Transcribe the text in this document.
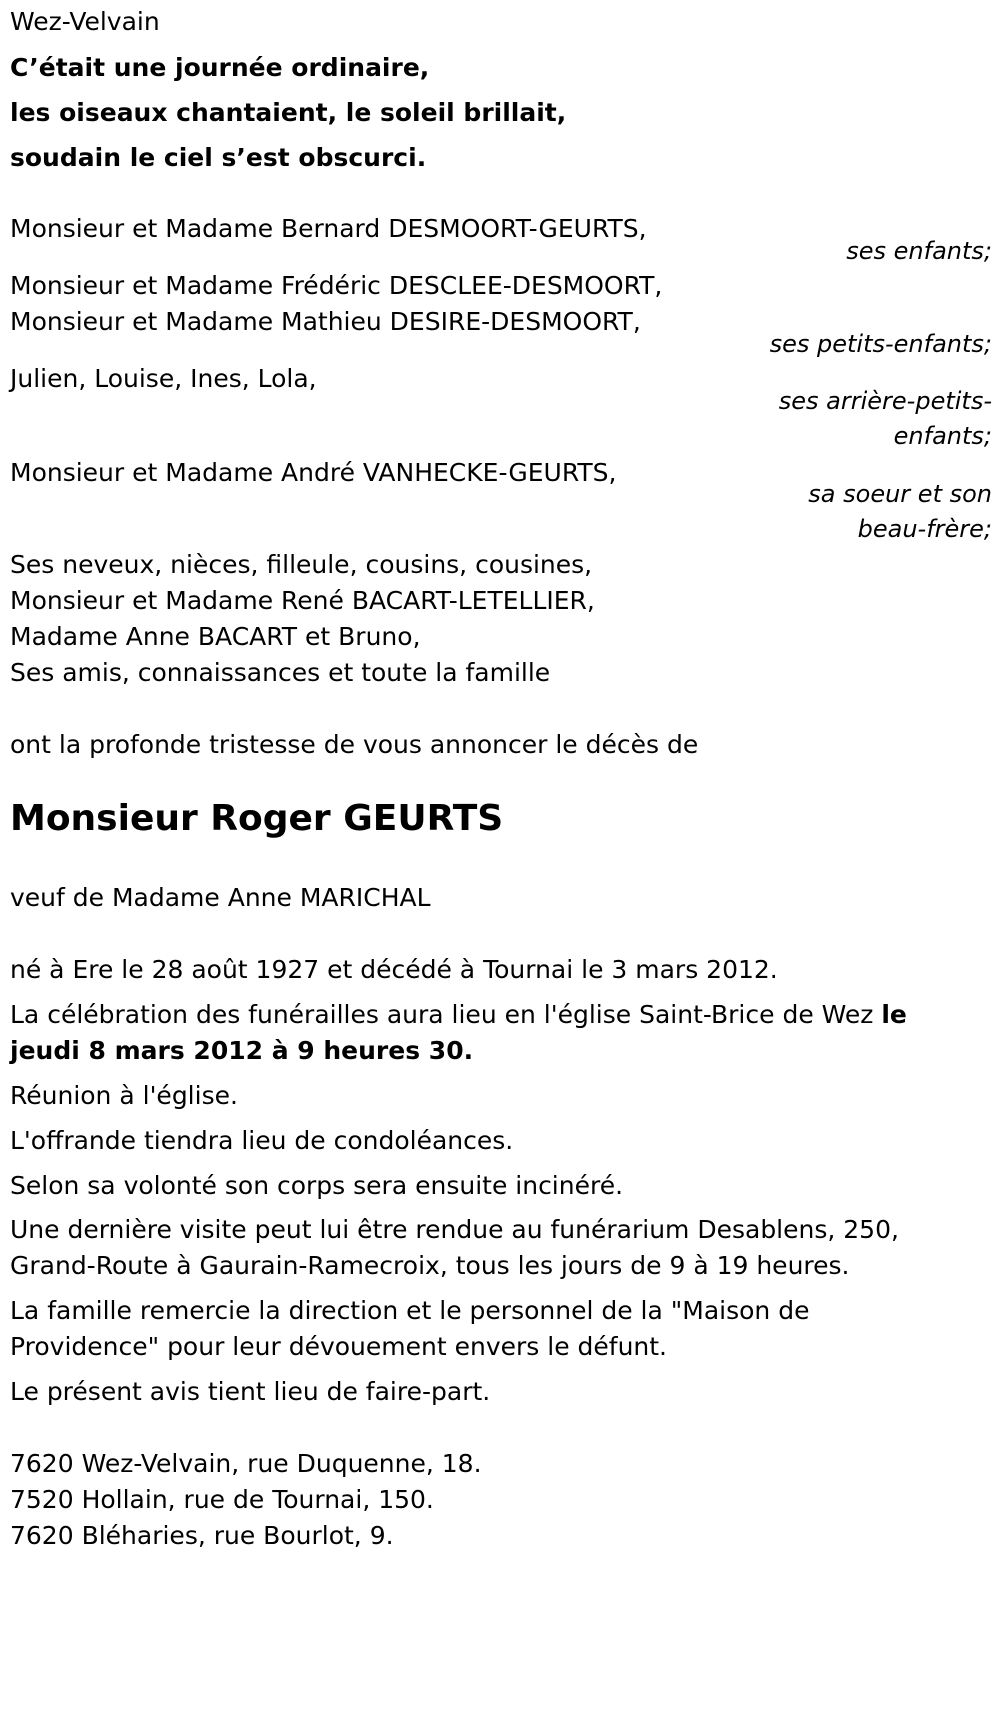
Wez-Velvain
C’était une journée ordinaire,
les oiseaux chantaient, le soleil brillait,
soudain le ciel s’est obscurci.
Monsieur et Madame Bernard DESMOORT-GEURTS,
ses enfants;
Monsieur et Madame Frédéric DESCLEE-DESMOORT,
Monsieur et Madame Mathieu DESIRE-DESMOORT,
ses petits-enfants;
Julien, Louise, Ines, Lola,
ses arrière-petits-
enfants;
Monsieur et Madame André VANHECKE-GEURTS,
sa soeur et son
beau-frère;
Ses neveux, nièces, filleule, cousins, cousines,
Monsieur et Madame René BACART-LETELLIER,
Madame Anne BACART et Bruno,
Ses amis, connaissances et toute la famille
ont la profonde tristesse de vous annoncer le décès de
Monsieur Roger GEURTS
veuf de Madame Anne MARICHAL
né à Ere le 28 août 1927 et décédé à Tournai le 3 mars 2012.
La célébration des funérailles aura lieu en l'église Saint-Brice de Wez le
jeudi 8 mars 2012 à 9 heures 30.
Réunion à l'église.
L'offrande tiendra lieu de condoléances.
Selon sa volonté son corps sera ensuite incinéré.
Une dernière visite peut lui être rendue au funérarium Desablens, 250,
Grand-Route à Gaurain-Ramecroix, tous les jours de 9 à 19 heures.
La famille remercie la direction et le personnel de la "Maison de
Providence" pour leur dévouement envers le défunt.
Le présent avis tient lieu de faire-part.
7620 Wez-Velvain, rue Duquenne, 18.
7520 Hollain, rue de Tournai, 150.
7620 Bléharies, rue Bourlot, 9.
